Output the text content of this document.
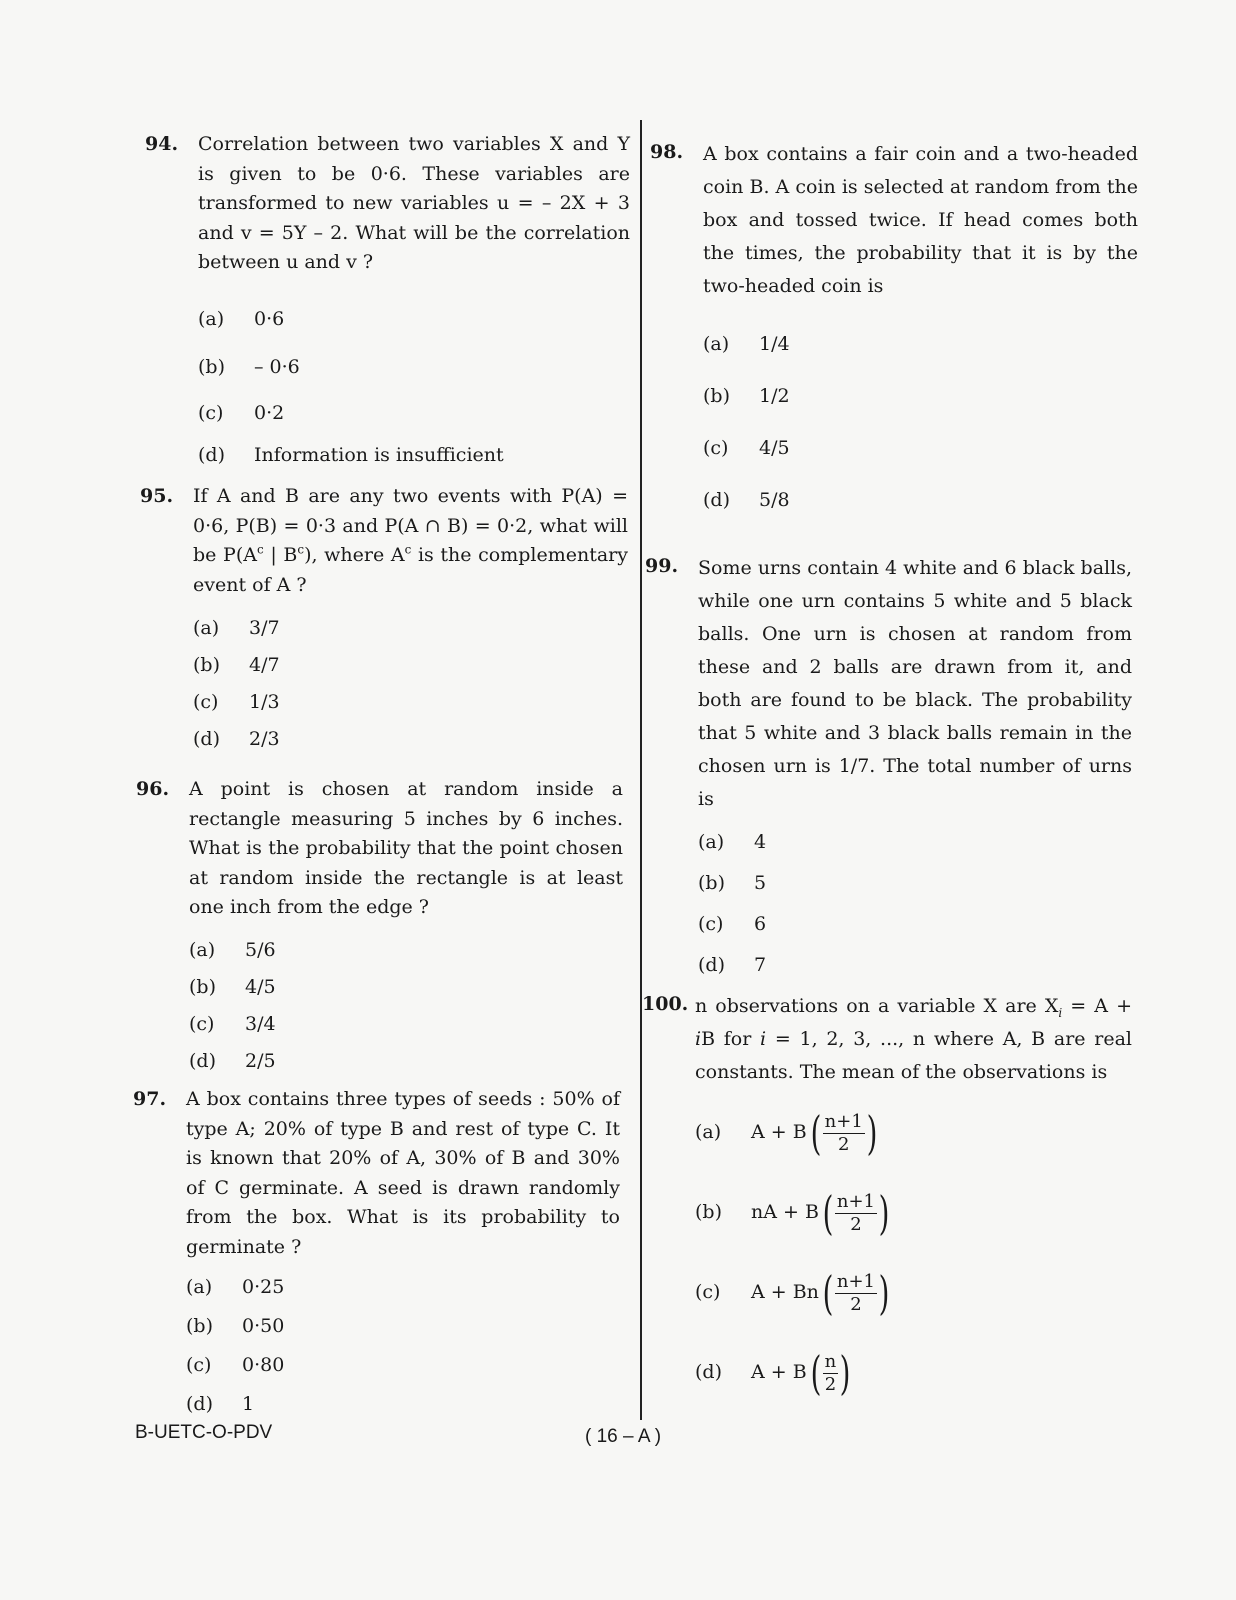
94. Correlation between two variables X and Y is given to be 0·6. These variables are transformed to new variables u = – 2X + 3 and v = 5Y – 2. What will be the correlation between u and v ?
(a)	0·6
(b)	– 0·6
(c)	0·2
(d)	Information is insufficient
95. If A and B are any two events with P(A) = 0·6, P(B) = 0·3 and P(A ∩ B) = 0·2, what will be $P(A^c$ | $B^c$), where $A^c$ is the complementary event of A ?
(a)	3/7
(b)	4/7
(c)	1/3
(d)	2/3
96. A point is chosen at random inside a rectangle measuring 5 inches by 6 inches. What is the probability that the point chosen at random inside the rectangle is at least one inch from the edge ?
(a)	5/6
(b)	4/5
(c)	3/4
(d)	2/5
97. A box contains three types of seeds : 50% of type A; 20% of type B and rest of type C. It is known that 20% of A, 30% of B and 30% of C germinate. A seed is drawn randomly from the box. What is its probability to germinate ?
(a)	0·25
(b)	0·50
(c)	0·80
(d)	1
98. A box contains a fair coin and a two-headed coin B. A coin is selected at random from the box and tossed twice. If head comes both the times, the probability that it is by the two-headed coin is
(a)	1/4
(b)	1/2
(c)	4/5
(d)	5/8
99. Some urns contain 4 white and 6 black balls, while one urn contains 5 white and 5 black balls. One urn is chosen at random from these and 2 balls are drawn from it, and both are found to be black. The probability that 5 white and 3 black balls remain in the chosen urn is 1/7. The total number of urns is
(a)	4
(b)	5
(c)	6
(d)	7
100. n observations on a variable X are $X_i = A$ + iB for i = 1, 2, 3, ..., n where A, B are real constants. The mean of the observations is
(a)	A + B ( $\frac{n+1}{2}$ )
(b)	nA + B ( $\frac{n+1}{2}$ )
(c)	A + Bn ( $\frac{n+1}{2}$ )
(d)	A + B ( $\frac{n}{2}$ )
B-UETC-O-PDV	( 16 – A )
